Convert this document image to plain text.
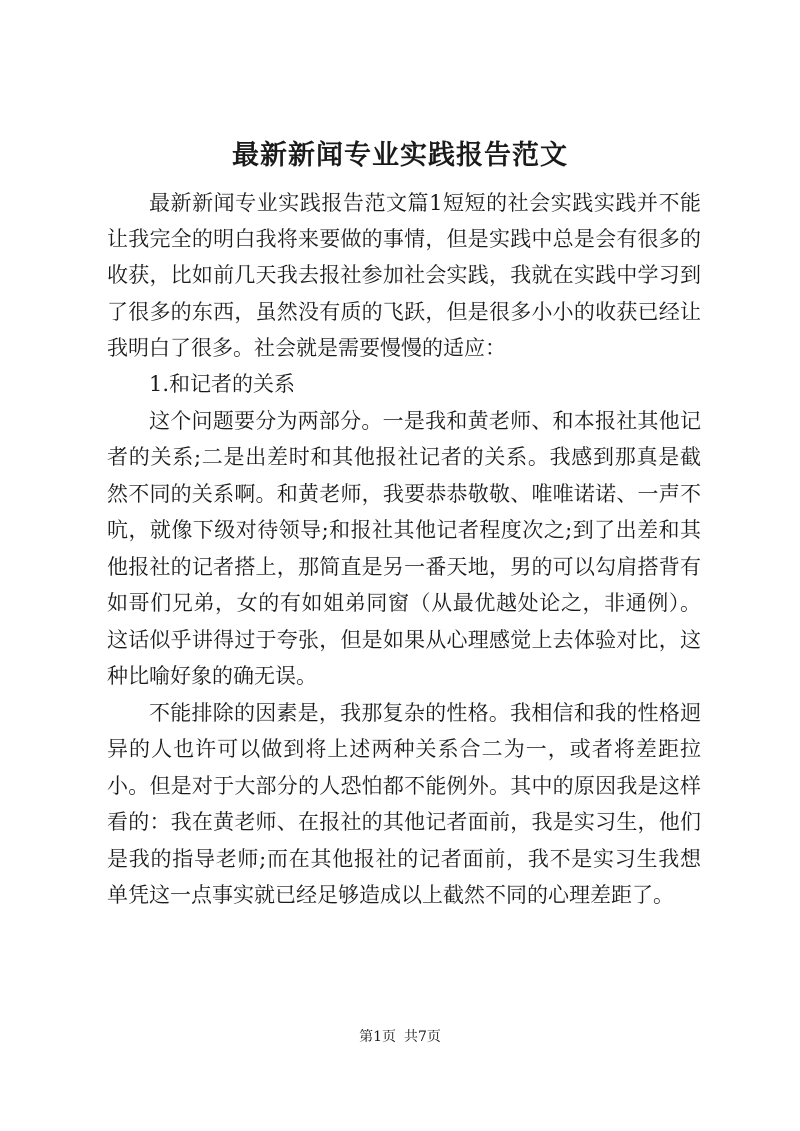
最新新闻专业实践报告范文

最新新闻专业实践报告范文篇1短短的社会实践实践并不能让我完全的明白我将来要做的事情，但是实践中总是会有很多的收获，比如前几天我去报社参加社会实践，我就在实践中学习到了很多的东西，虽然没有质的飞跃，但是很多小小的收获已经让我明白了很多。社会就是需要慢慢的适应：

1.和记者的关系

这个问题要分为两部分。一是我和黄老师、和本报社其他记者的关系;二是出差时和其他报社记者的关系。我感到那真是截然不同的关系啊。和黄老师，我要恭恭敬敬、唯唯诺诺、一声不吭，就像下级对待领导;和报社其他记者程度次之;到了出差和其他报社的记者搭上，那简直是另一番天地，男的可以勾肩搭背有如哥们兄弟，女的有如姐弟同窗（从最优越处论之，非通例）。这话似乎讲得过于夸张，但是如果从心理感觉上去体验对比，这种比喻好象的确无误。

不能排除的因素是，我那复杂的性格。我相信和我的性格迥异的人也许可以做到将上述两种关系合二为一，或者将差距拉小。但是对于大部分的人恐怕都不能例外。其中的原因我是这样看的：我在黄老师、在报社的其他记者面前，我是实习生，他们是我的指导老师;而在其他报社的记者面前，我不是实习生我想单凭这一点事实就已经足够造成以上截然不同的心理差距了。

第1页 共7页
